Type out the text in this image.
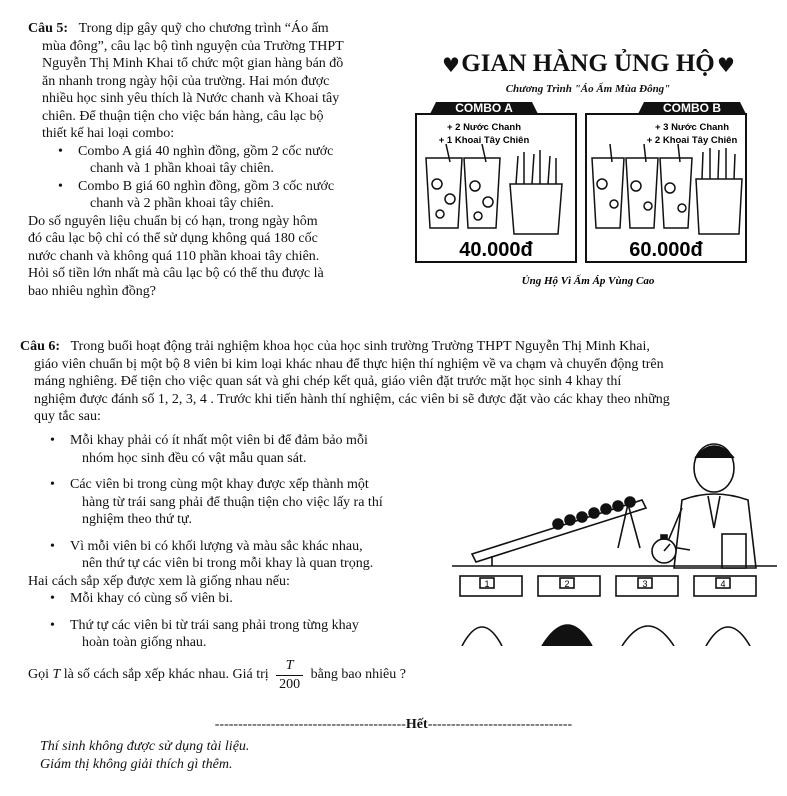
Câu 5: Trong dịp gây quỹ cho chương trình “Áo ấm
mùa đông”, câu lạc bộ tình nguyện của Trường THPT
Nguyễn Thị Minh Khai tổ chức một gian hàng bán đồ
ăn nhanh trong ngày hội của trường. Hai món được
nhiều học sinh yêu thích là Nước chanh và Khoai tây
chiên. Để thuận tiện cho việc bán hàng, câu lạc bộ
thiết kế hai loại combo:
• Combo A giá 40 nghìn đồng, gồm 2 cốc nước
chanh và 1 phần khoai tây chiên.
• Combo B giá 60 nghìn đồng, gồm 3 cốc nước
chanh và 2 phần khoai tây chiên.
Do số nguyên liệu chuẩn bị có hạn, trong ngày hôm
đó câu lạc bộ chỉ có thể sử dụng không quá 180 cốc
nước chanh và không quá 110 phần khoai tây chiên.
Hỏi số tiền lớn nhất mà câu lạc bộ có thể thu được là
bao nhiêu nghìn đồng?
♥ GIAN HÀNG ỦNG HỘ ♥
Chương Trình "Áo Ấm Mùa Đông"
COMBO A
+ 2 Nước Chanh
+ 1 Khoai Tây Chiên
40.000đ
COMBO B
+ 3 Nước Chanh
+ 2 Khoai Tây Chiên
60.000đ
Ủng Hộ Vì Ấm Áp Vùng Cao
Câu 6: Trong buổi hoạt động trải nghiệm khoa học của học sinh trường Trường THPT Nguyễn Thị Minh Khai,
giáo viên chuẩn bị một bộ 8 viên bi kim loại khác nhau để thực hiện thí nghiệm về va chạm và chuyển động trên
máng nghiêng. Để tiện cho việc quan sát và ghi chép kết quả, giáo viên đặt trước mặt học sinh 4 khay thí
nghiệm được đánh số 1, 2, 3, 4 . Trước khi tiến hành thí nghiệm, các viên bi sẽ được đặt vào các khay theo những
quy tắc sau:
• Mỗi khay phải có ít nhất một viên bi để đảm bảo mỗi
nhóm học sinh đều có vật mẫu quan sát.
• Các viên bi trong cùng một khay được xếp thành một
hàng từ trái sang phải để thuận tiện cho việc lấy ra thí
nghiệm theo thứ tự.
• Vì mỗi viên bi có khối lượng và màu sắc khác nhau,
nên thứ tự các viên bi trong mỗi khay là quan trọng.
Hai cách sắp xếp được xem là giống nhau nếu:
• Mỗi khay có cùng số viên bi.
• Thứ tự các viên bi từ trái sang phải trong từng khay
hoàn toàn giống nhau.
1	2	3	4
Gọi T là số cách sắp xếp khác nhau. Giá trị $\frac{T}{200}$ bằng bao nhiêu ?
-----------------------------------------Hết-------------------------------
Thí sinh không được sử dụng tài liệu.
Giám thị không giải thích gì thêm.
